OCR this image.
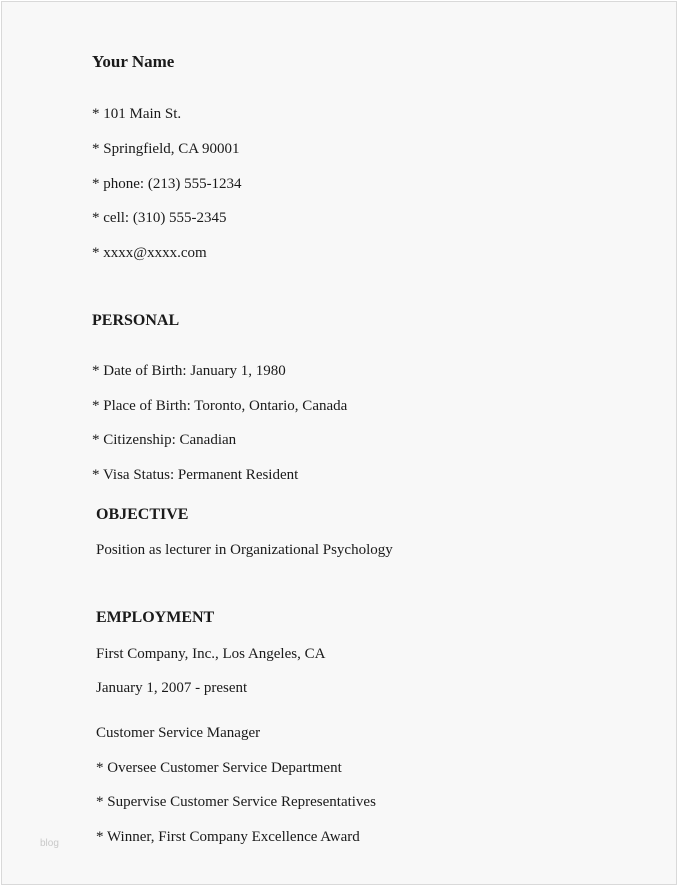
Your Name
* 101 Main St.
* Springfield, CA 90001
* phone: (213) 555-1234
* cell: (310) 555-2345
* xxxx@xxxx.com
PERSONAL
* Date of Birth: January 1, 1980
* Place of Birth: Toronto, Ontario, Canada
* Citizenship: Canadian
* Visa Status: Permanent Resident
OBJECTIVE
Position as lecturer in Organizational Psychology
EMPLOYMENT
First Company, Inc., Los Angeles, CA
January 1, 2007 - present
Customer Service Manager
* Oversee Customer Service Department
* Supervise Customer Service Representatives
* Winner, First Company Excellence Award
blog
